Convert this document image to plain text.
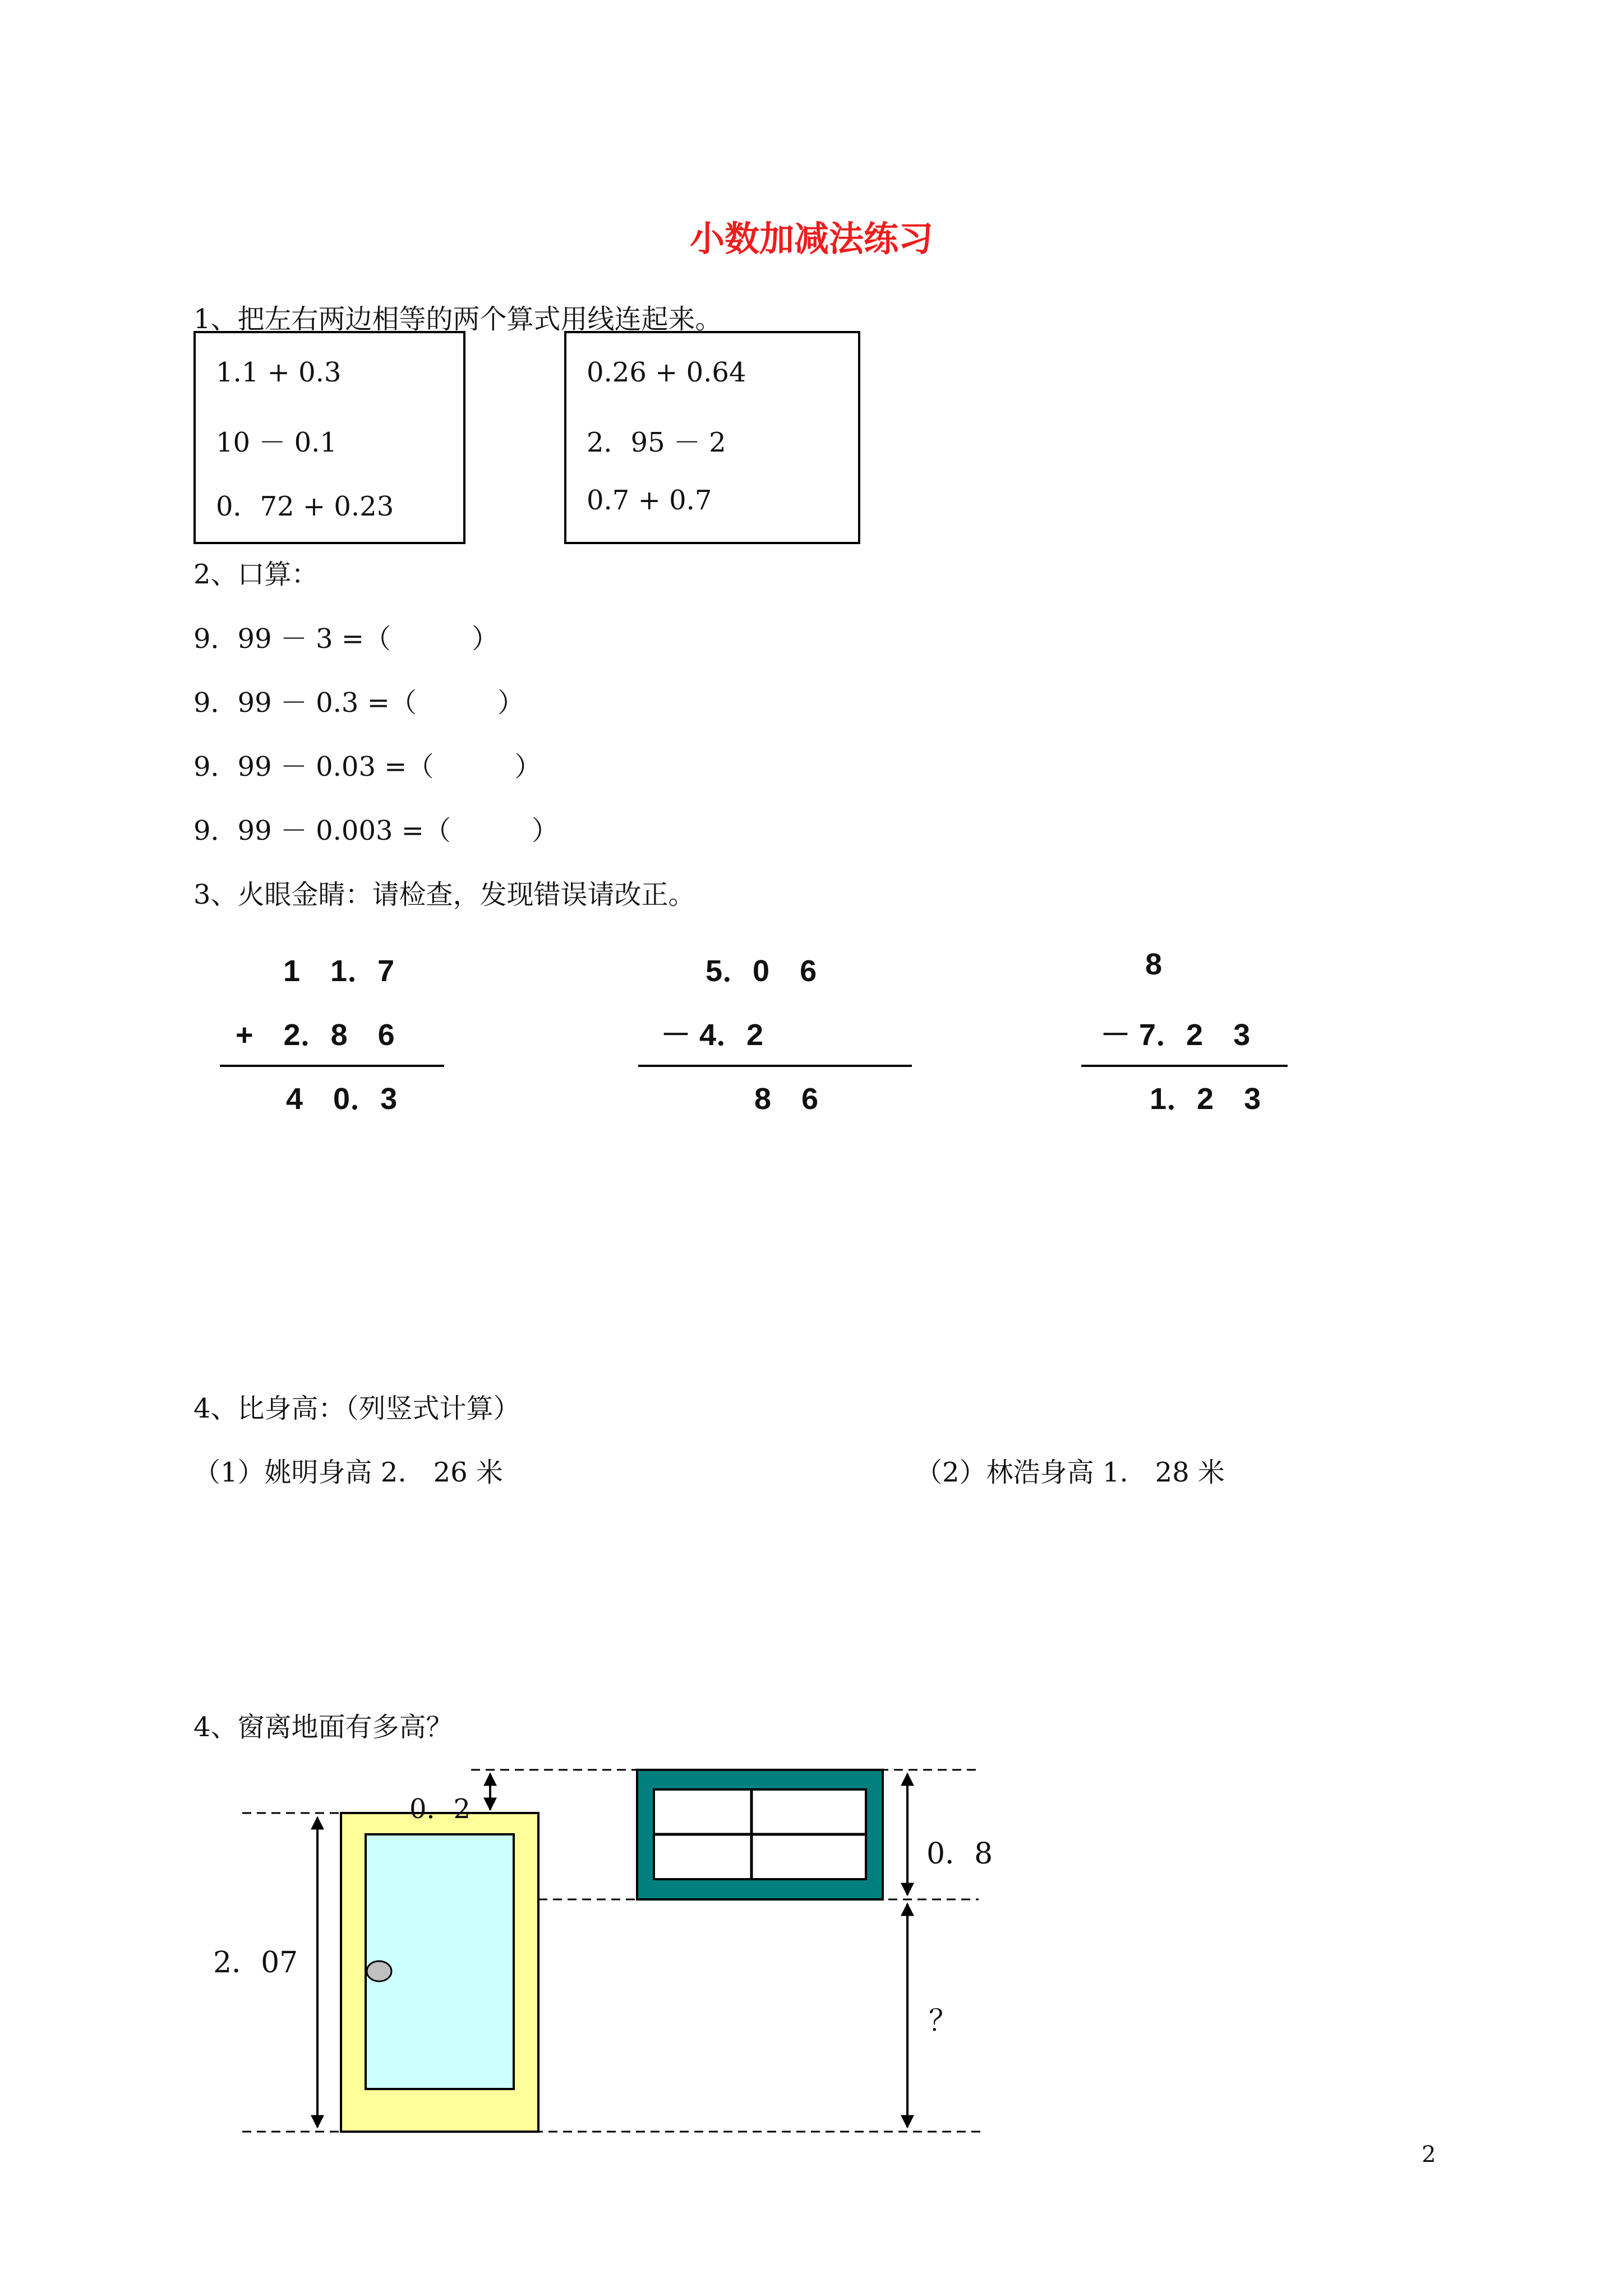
小数加减法练习
1、把左右两边相等的两个算式用线连起来。
1.1 + 0.3
10 － 0.1
0．72 + 0.23
0.26 + 0.64
2．95 － 2
0.7 + 0.7
2、口算：
9．99 － 3 =（　　　）
9．99 － 0.3 =（　　　）
9．99 － 0.03 =（　　　）
9．99 － 0.003 =（　　　）
3、火眼金睛：请检查，发现错误请改正。
1　1．7
+　2．8　6
4　0．3
5．0　6
－ 4．2
8　6
8
－ 7．2　3
1．2　3
4、比身高：（列竖式计算）
（1）姚明身高 2.　26 米	（2）林浩身高 1.　28 米
4、窗离地面有多高？
2．07
0．2
0．8
？
2
